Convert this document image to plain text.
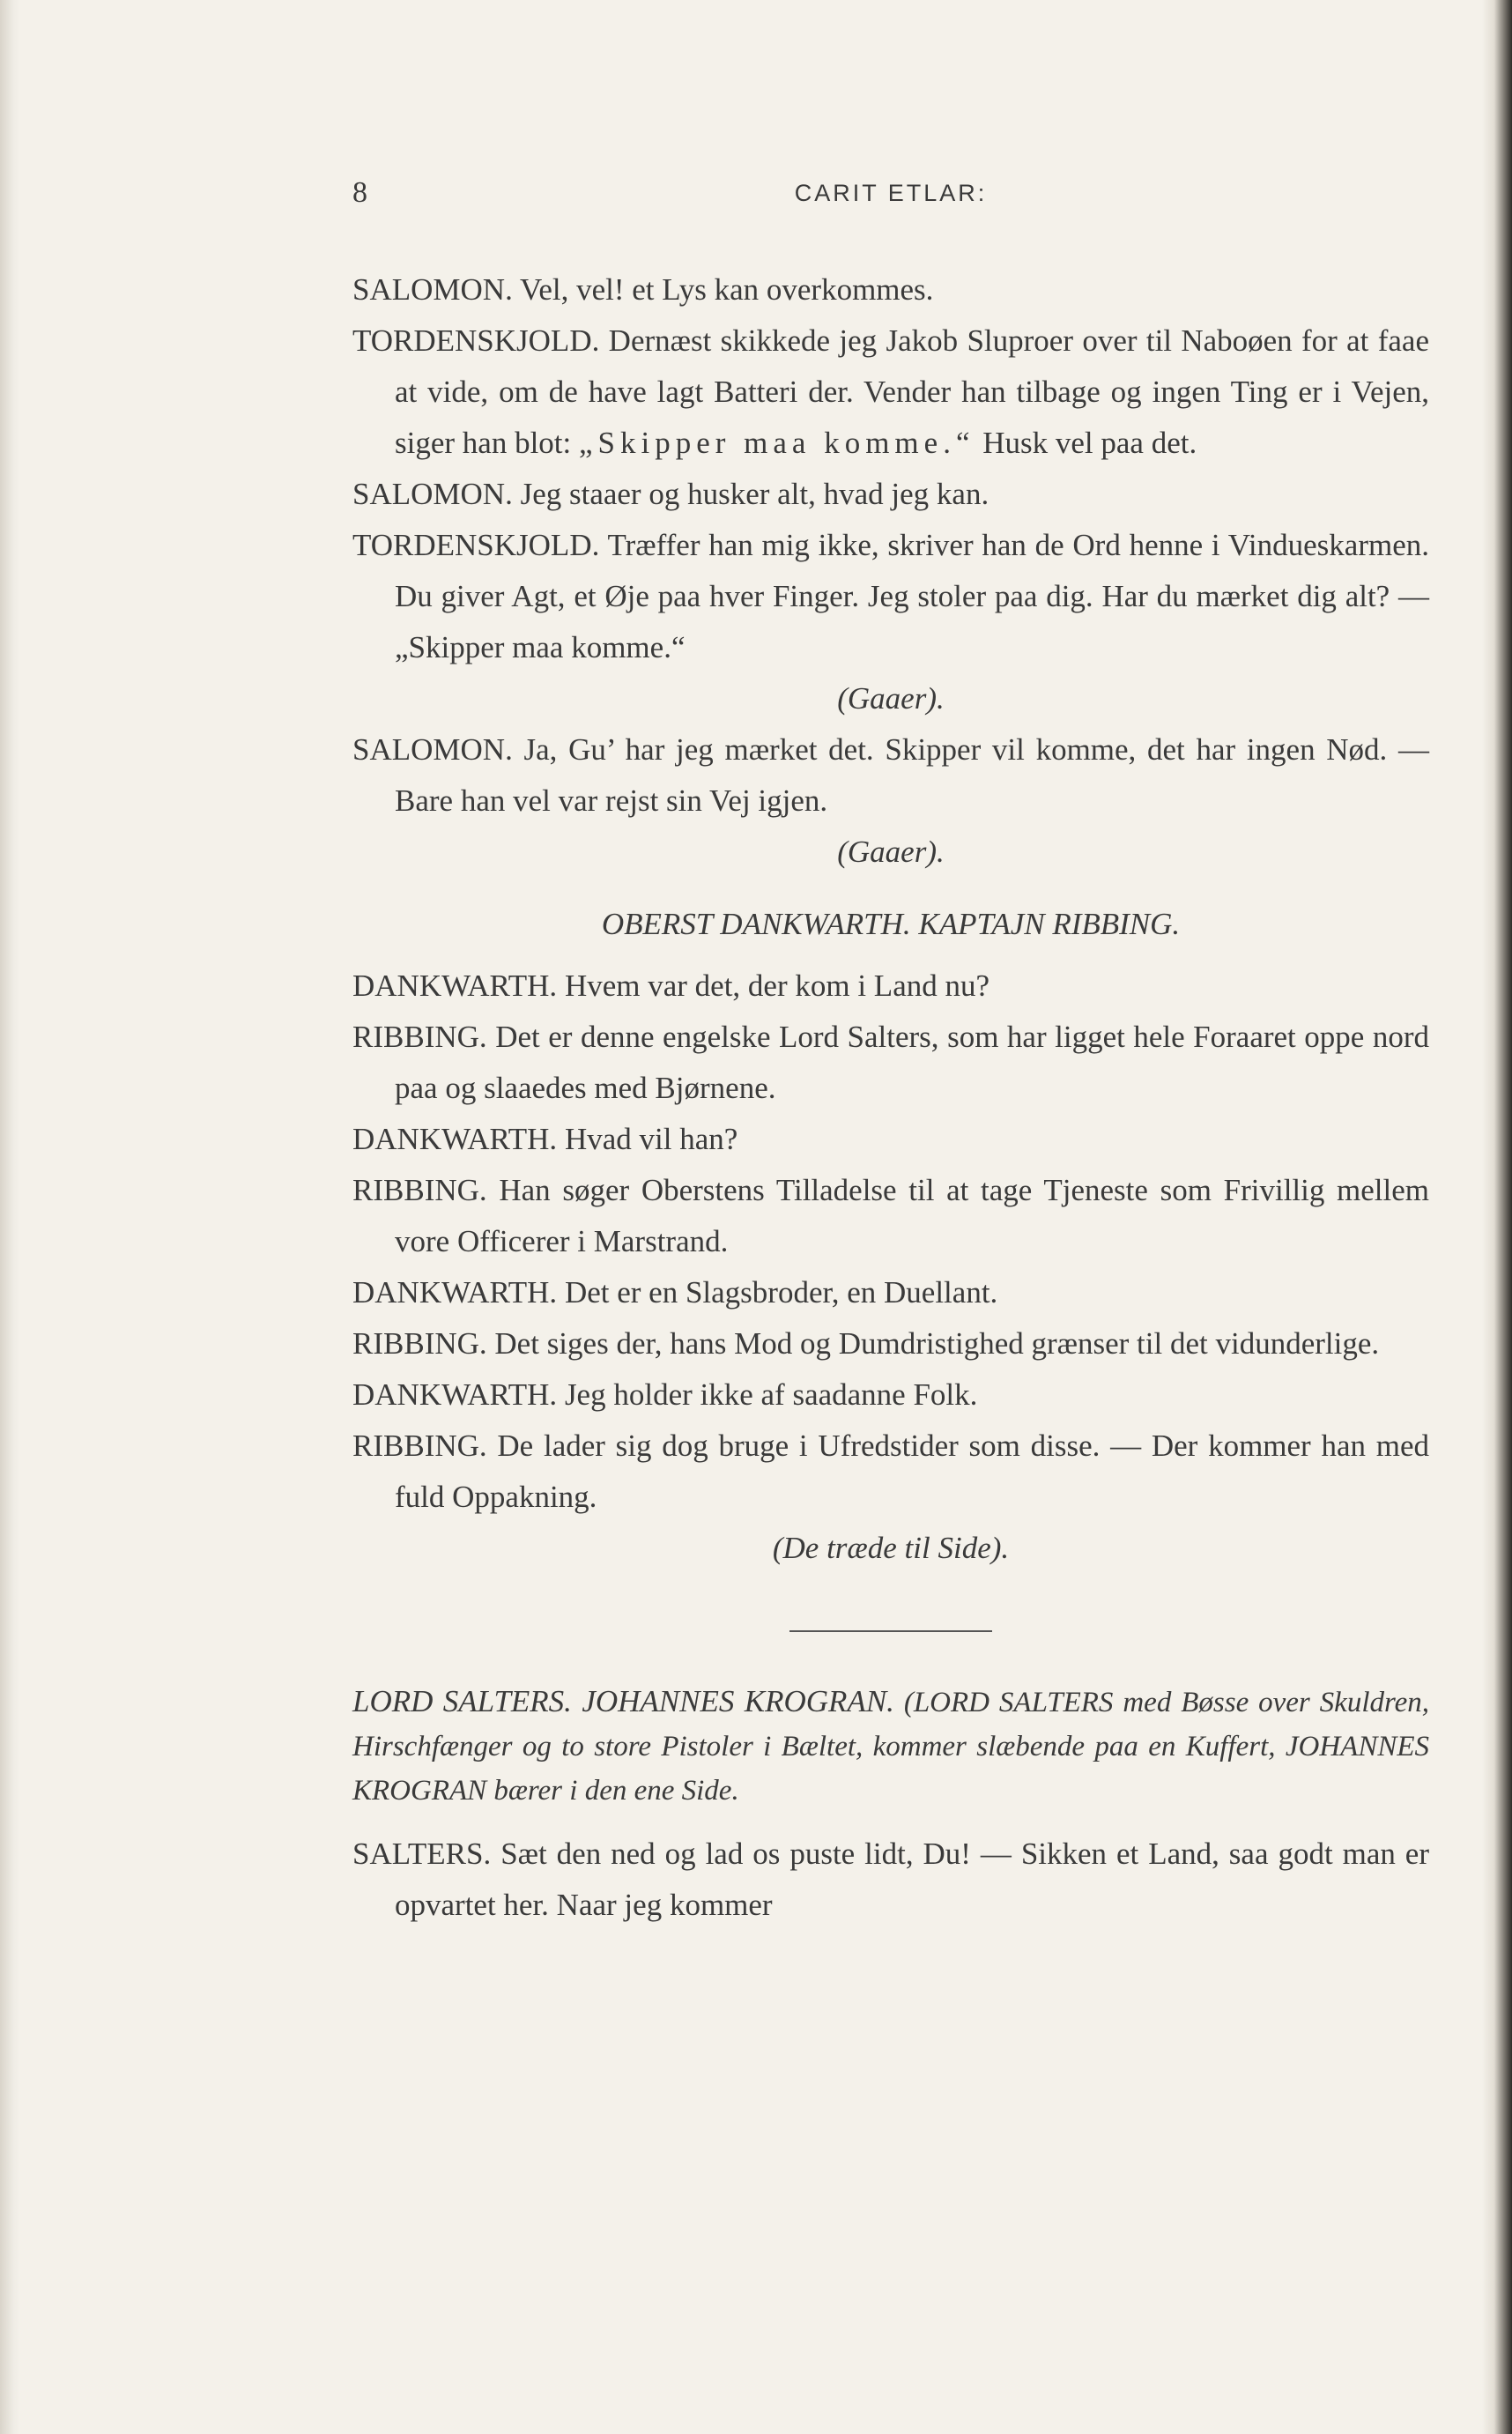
8	CARIT ETLAR:
SALOMON. Vel, vel! et Lys kan overkommes.
TORDENSKJOLD. Dernæst skikkede jeg Jakob Sluproer over til Naboøen for at faae at vide, om de have lagt Batteri der. Vender han tilbage og ingen Ting er i Vejen, siger han blot: „Skipper maa komme.“ Husk vel paa det.
SALOMON. Jeg staaer og husker alt, hvad jeg kan.
TORDENSKJOLD. Træffer han mig ikke, skriver han de Ord henne i Vindueskarmen. Du giver Agt, et Øje paa hver Finger. Jeg stoler paa dig. Har du mærket dig alt? — „Skipper maa komme.“
(Gaaer).
SALOMON. Ja, Gu’ har jeg mærket det. Skipper vil komme, det har ingen Nød. — Bare han vel var rejst sin Vej igjen.
(Gaaer).
OBERST DANKWARTH. KAPTAJN RIBBING.
DANKWARTH. Hvem var det, der kom i Land nu?
RIBBING. Det er denne engelske Lord Salters, som har ligget hele Foraaret oppe nord paa og slaaedes med Bjørnene.
DANKWARTH. Hvad vil han?
RIBBING. Han søger Oberstens Tilladelse til at tage Tjeneste som Frivillig mellem vore Officerer i Marstrand.
DANKWARTH. Det er en Slagsbroder, en Duellant.
RIBBING. Det siges der, hans Mod og Dumdristighed grænser til det vidunderlige.
DANKWARTH. Jeg holder ikke af saadanne Folk.
RIBBING. De lader sig dog bruge i Ufredstider som disse. — Der kommer han med fuld Oppakning.
(De træde til Side).
LORD SALTERS. JOHANNES KROGRAN. (LORD SALTERS med Bøsse over Skuldren, Hirschfænger og to store Pistoler i Bæltet, kommer slæbende paa en Kuffert, JOHANNES KROGRAN bærer i den ene Side.
SALTERS. Sæt den ned og lad os puste lidt, Du! — Sikken et Land, saa godt man er opvartet her. Naar jeg kommer
